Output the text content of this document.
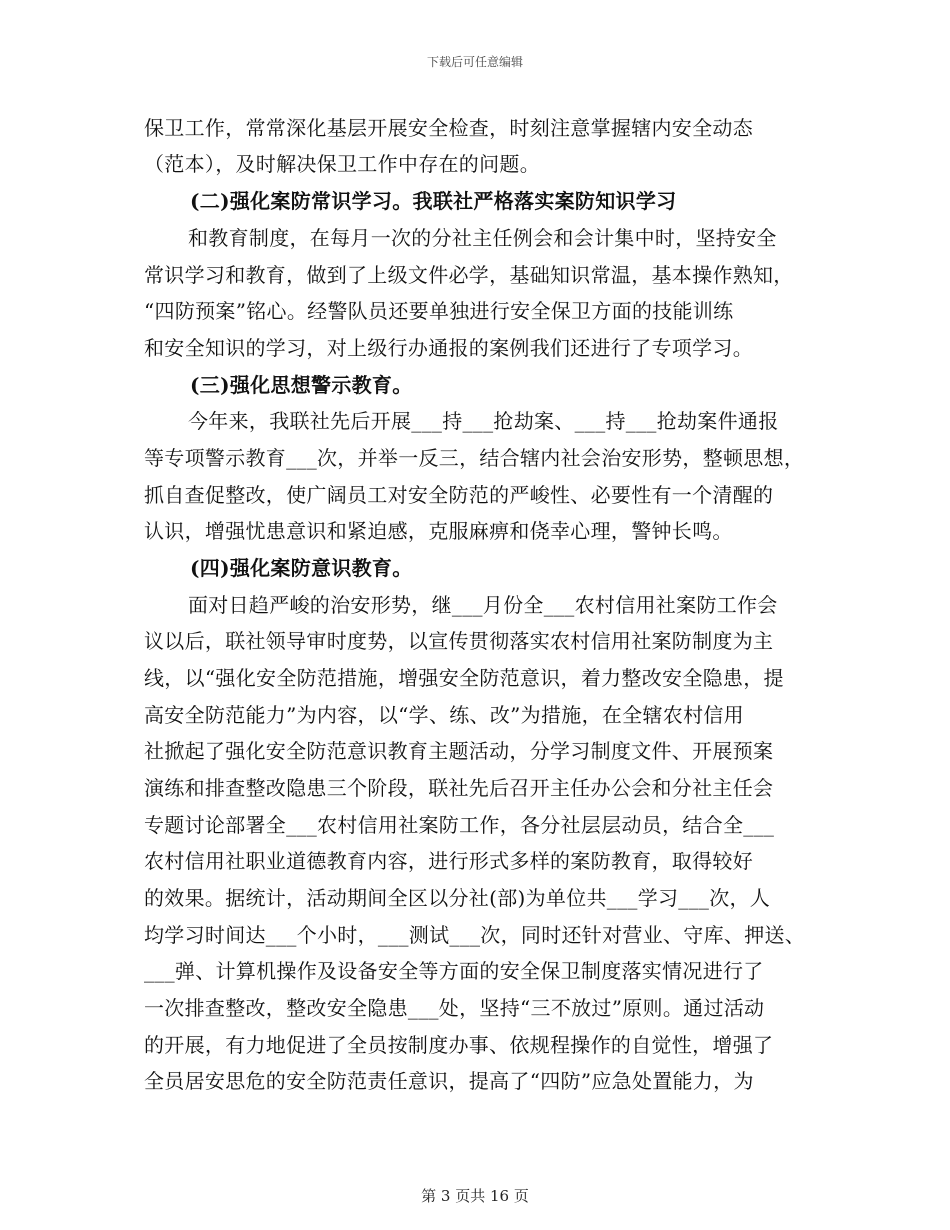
下载后可任意编辑
保卫工作，常常深化基层开展安全检查，时刻注意掌握辖内安全动态
（范本），及时解决保卫工作中存在的问题。
(二)强化案防常识学习。我联社严格落实案防知识学习
和教育制度，在每月一次的分社主任例会和会计集中时，坚持安全
常识学习和教育，做到了上级文件必学，基础知识常温，基本操作熟知，
“四防预案”铭心。经警队员还要单独进行安全保卫方面的技能训练
和安全知识的学习，对上级行办通报的案例我们还进行了专项学习。
(三)强化思想警示教育。
今年来，我联社先后开展___持___抢劫案、___持___抢劫案件通报
等专项警示教育___次，并举一反三，结合辖内社会治安形势，整顿思想，
抓自查促整改，使广阔员工对安全防范的严峻性、必要性有一个清醒的
认识，增强忧患意识和紧迫感，克服麻痹和侥幸心理，警钟长鸣。
(四)强化案防意识教育。
面对日趋严峻的治安形势，继___月份全___农村信用社案防工作会
议以后，联社领导审时度势，以宣传贯彻落实农村信用社案防制度为主
线，以“强化安全防范措施，增强安全防范意识，着力整改安全隐患，提
高安全防范能力”为内容，以“学、练、改”为措施，在全辖农村信用
社掀起了强化安全防范意识教育主题活动，分学习制度文件、开展预案
演练和排查整改隐患三个阶段，联社先后召开主任办公会和分社主任会
专题讨论部署全___农村信用社案防工作，各分社层层动员，结合全___
农村信用社职业道德教育内容，进行形式多样的案防教育，取得较好
的效果。据统计，活动期间全区以分社(部)为单位共___学习___次，人
均学习时间达___个小时，___测试___次，同时还针对营业、守库、押送、
___弹、计算机操作及设备安全等方面的安全保卫制度落实情况进行了
一次排查整改，整改安全隐患___处，坚持“三不放过”原则。通过活动
的开展，有力地促进了全员按制度办事、依规程操作的自觉性，增强了
全员居安思危的安全防范责任意识，提高了“四防”应急处置能力，为
第 3 页共 16 页
